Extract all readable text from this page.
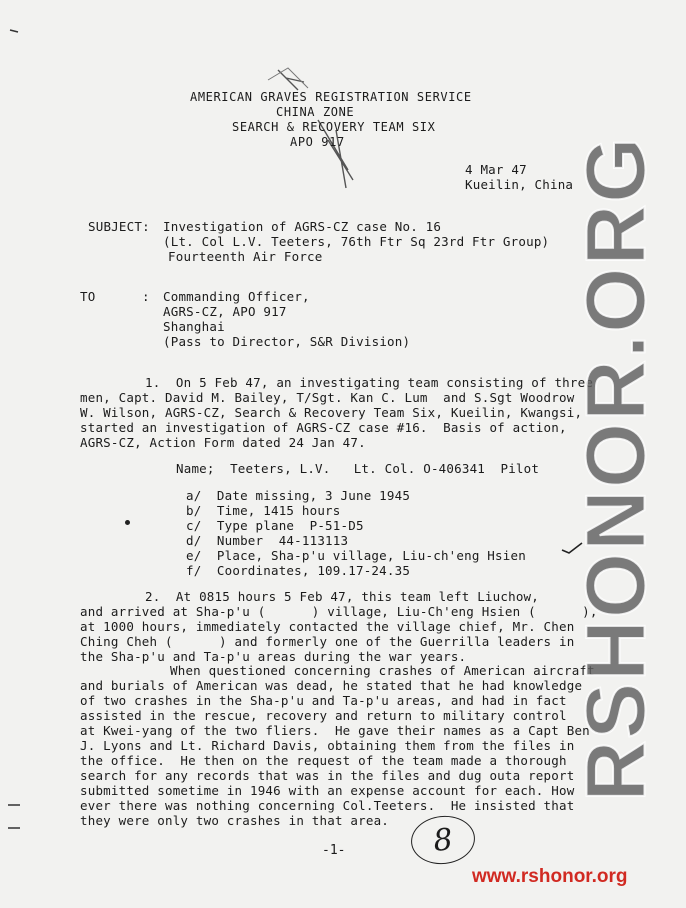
AMERICAN GRAVES REGISTRATION SERVICE
CHINA ZONE
SEARCH & RECOVERY TEAM SIX
APO 917
4 Mar 47
Kueilin, China
SUBJECT: Investigation of AGRS-CZ case No. 16
(Lt. Col L.V. Teeters, 76th Ftr Sq 23rd Ftr Group)
Fourteenth Air Force
TO	: Commanding Officer,
AGRS-CZ, APO 917
Shanghai
(Pass to Director, S&R Division)
1.  On 5 Feb 47, an investigating team consisting of three
men, Capt. David M. Bailey, T/Sgt. Kan C. Lum  and S.Sgt Woodrow
W. Wilson, AGRS-CZ, Search & Recovery Team Six, Kueilin, Kwangsi,
started an investigation of AGRS-CZ case #16.  Basis of action,
AGRS-CZ, Action Form dated 24 Jan 47.
Name;  Teeters, L.V.   Lt. Col. O-406341  Pilot
a/  Date missing, 3 June 1945
b/  Time, 1415 hours
c/  Type plane  P-51-D5
d/  Number  44-113113
e/  Place, Sha-p'u village, Liu-ch'eng Hsien
f/  Coordinates, 109.17-24.35
2.  At 0815 hours 5 Feb 47, this team left Liuchow,
and arrived at Sha-p'u (      ) village, Liu-Ch'eng Hsien (      ),
at 1000 hours, immediately contacted the village chief, Mr. Chen
Ching Cheh (      ) and formerly one of the Guerrilla leaders in
the Sha-p'u and Ta-p'u areas during the war years.
When questioned concerning crashes of American aircraft
and burials of American was dead, he stated that he had knowledge
of two crashes in the Sha-p'u and Ta-p'u areas, and had in fact
assisted in the rescue, recovery and return to military control
at Kwei-yang of the two fliers.  He gave their names as a Capt Ben
J. Lyons and Lt. Richard Davis, obtaining them from the files in
the office.  He then on the request of the team made a thorough
search for any records that was in the files and dug outa report
submitted sometime in 1946 with an expense account for each. How
ever there was nothing concerning Col.Teeters.  He insisted that
they were only two crashes in that area.
-1-	8
RSHONOR.ORG
www.rshonor.org
